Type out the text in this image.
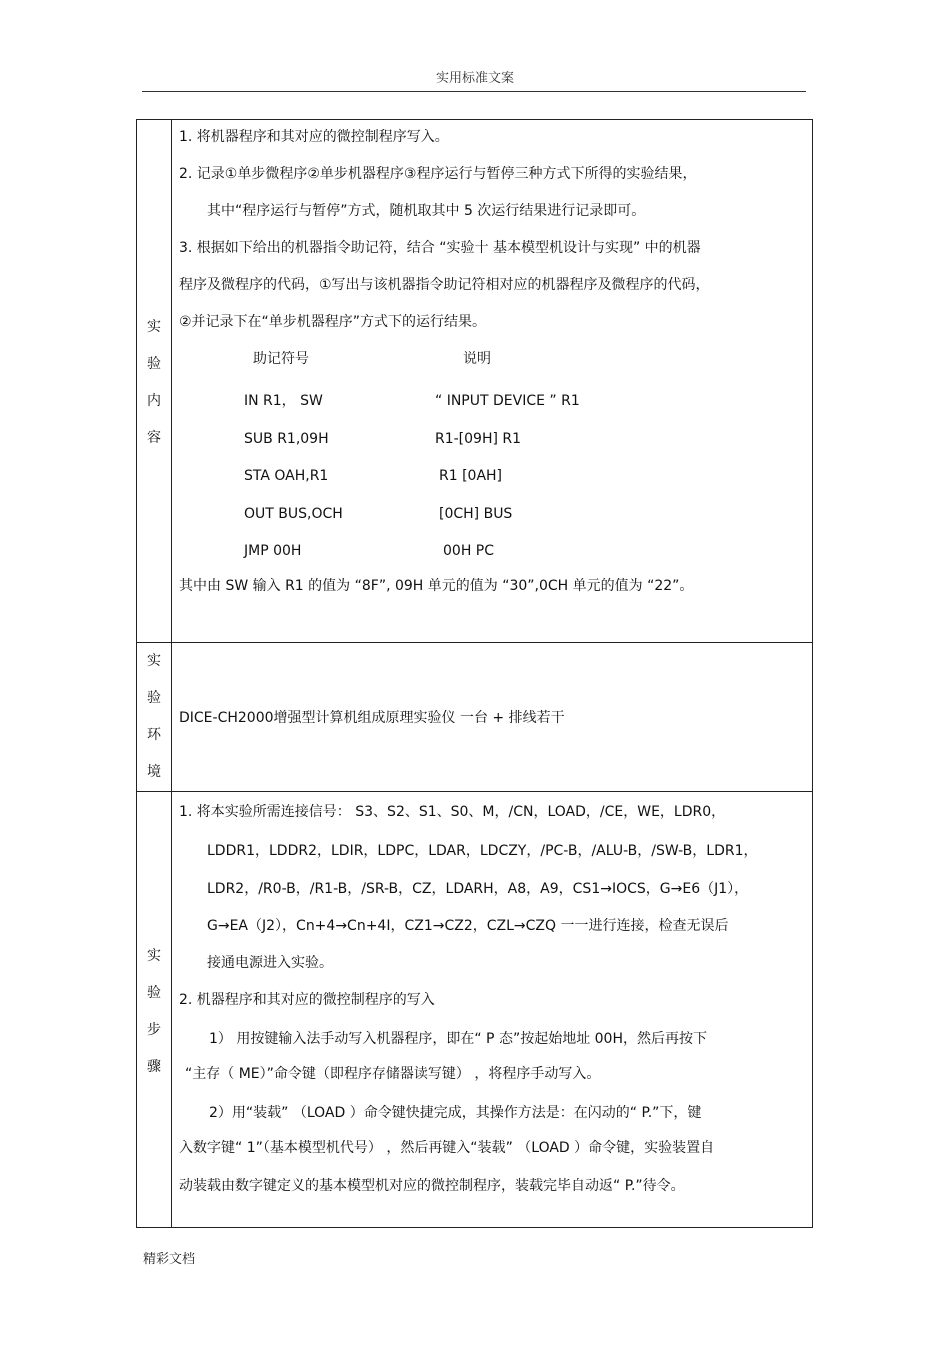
实用标准文案
实
验
内
容
1. 将机器程序和其对应的微控制程序写入。
2. 记录①单步微程序②单步机器程序③程序运行与暂停三种方式下所得的实验结果，
其中“程序运行与暂停”方式，随机取其中 5 次运行结果进行记录即可。
3. 根据如下给出的机器指令助记符，结合 “实验十 基本模型机设计与实现” 中的机器
程序及微程序的代码，①写出与该机器指令助记符相对应的机器程序及微程序的代码，
②并记录下在“单步机器程序”方式下的运行结果。
助记符号	说明
IN R1， SW	“ INPUT DEVICE ” R1
SUB R1,09H	R1-[09H] R1
STA OAH,R1	R1 [0AH]
OUT BUS,OCH	[0CH] BUS
JMP 00H	00H PC
其中由 SW 输入 R1 的值为 “8F”, 09H 单元的值为 “30”,0CH 单元的值为 “22”。
实
验
环
境
DICE-CH2000增强型计算机组成原理实验仪 一台 + 排线若干
实
验
步
骤
1. 将本实验所需连接信号： S3、S2、S1、S0、M，/CN，LOAD，/CE，WE，LDR0，
LDDR1，LDDR2，LDIR，LDPC，LDAR，LDCZY，/PC-B，/ALU-B，/SW-B，LDR1，
LDR2，/R0-B，/R1-B，/SR-B，CZ，LDARH，A8，A9，CS1→IOCS，G→E6（J1），
G→EA（J2），Cn+4→Cn+4I，CZ1→CZ2，CZL→CZQ 一一进行连接，检查无误后
接通电源进入实验。
2. 机器程序和其对应的微控制程序的写入
1） 用按键输入法手动写入机器程序，即在“ P 态”按起始地址 00H，然后再按下
“主存（ ME）”命令键（即程序存储器读写键） ，将程序手动写入。
2）用“装载” （LOAD ）命令键快捷完成，其操作方法是：在闪动的“ P.”下，键
入数字键“ 1”（基本模型机代号） ，然后再键入“装载” （LOAD ）命令键，实验装置自
动装载由数字键定义的基本模型机对应的微控制程序，装载完毕自动返“ P.”待令。
精彩文档
